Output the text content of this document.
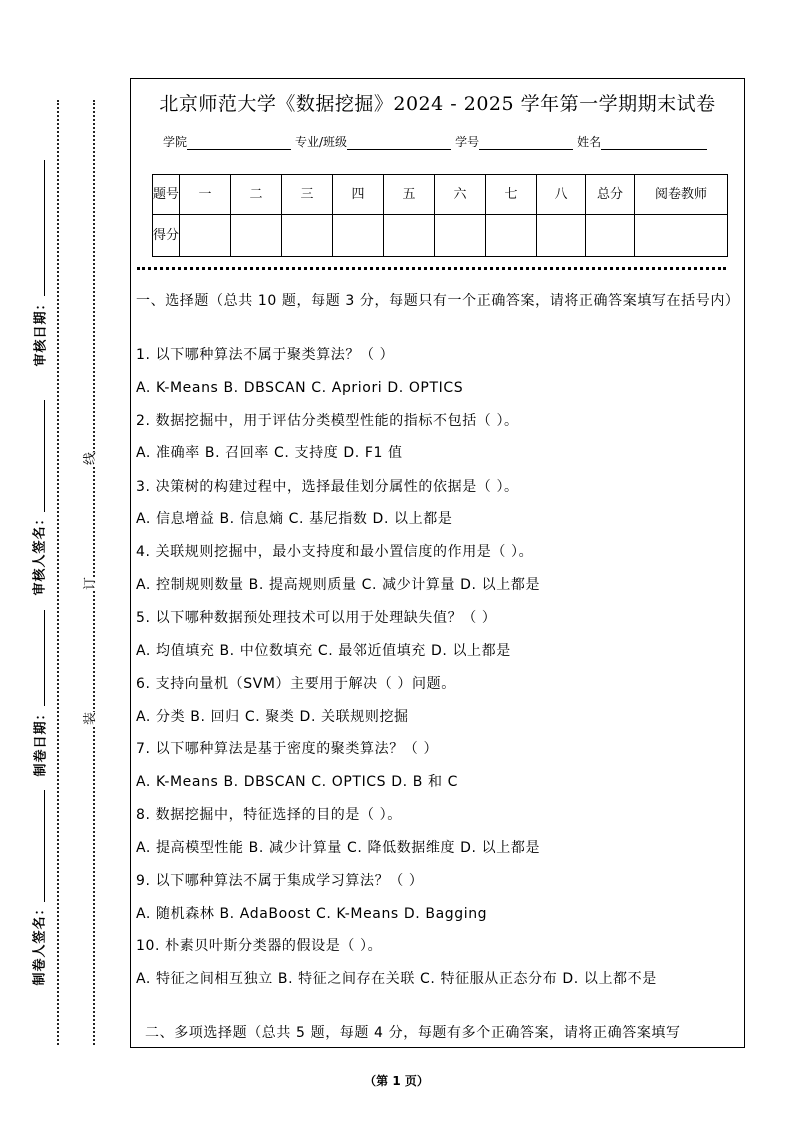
审核日期：
审核人签名：
制卷日期：
制卷人签名：
线
订
装
北京师范大学《数据挖掘》2024 - 2025 学年第一学期期末试卷
学院	专业/班级	学号	姓名
题号	一	二	三	四	五	六	七	八	总分	阅卷教师
得分										
一、选择题（总共 10 题，每题 3 分，每题只有一个正确答案，请将正确答案填写在括号内）
1. 以下哪种算法不属于聚类算法？（ ）
A. K-Means B. DBSCAN C. Apriori D. OPTICS
2. 数据挖掘中，用于评估分类模型性能的指标不包括（ ）。
A. 准确率 B. 召回率 C. 支持度 D. F1 值
3. 决策树的构建过程中，选择最佳划分属性的依据是（ ）。
A. 信息增益 B. 信息熵 C. 基尼指数 D. 以上都是
4. 关联规则挖掘中，最小支持度和最小置信度的作用是（ ）。
A. 控制规则数量 B. 提高规则质量 C. 减少计算量 D. 以上都是
5. 以下哪种数据预处理技术可以用于处理缺失值？（ ）
A. 均值填充 B. 中位数填充 C. 最邻近值填充 D. 以上都是
6. 支持向量机（SVM）主要用于解决（ ）问题。
A. 分类 B. 回归 C. 聚类 D. 关联规则挖掘
7. 以下哪种算法是基于密度的聚类算法？（ ）
A. K-Means B. DBSCAN C. OPTICS D. B 和 C
8. 数据挖掘中，特征选择的目的是（ ）。
A. 提高模型性能 B. 减少计算量 C. 降低数据维度 D. 以上都是
9. 以下哪种算法不属于集成学习算法？（ ）
A. 随机森林 B. AdaBoost C. K-Means D. Bagging
10. 朴素贝叶斯分类器的假设是（ ）。
A. 特征之间相互独立 B. 特征之间存在关联 C. 特征服从正态分布 D. 以上都不是
二、多项选择题（总共 5 题，每题 4 分，每题有多个正确答案，请将正确答案填写
（第 1 页）
